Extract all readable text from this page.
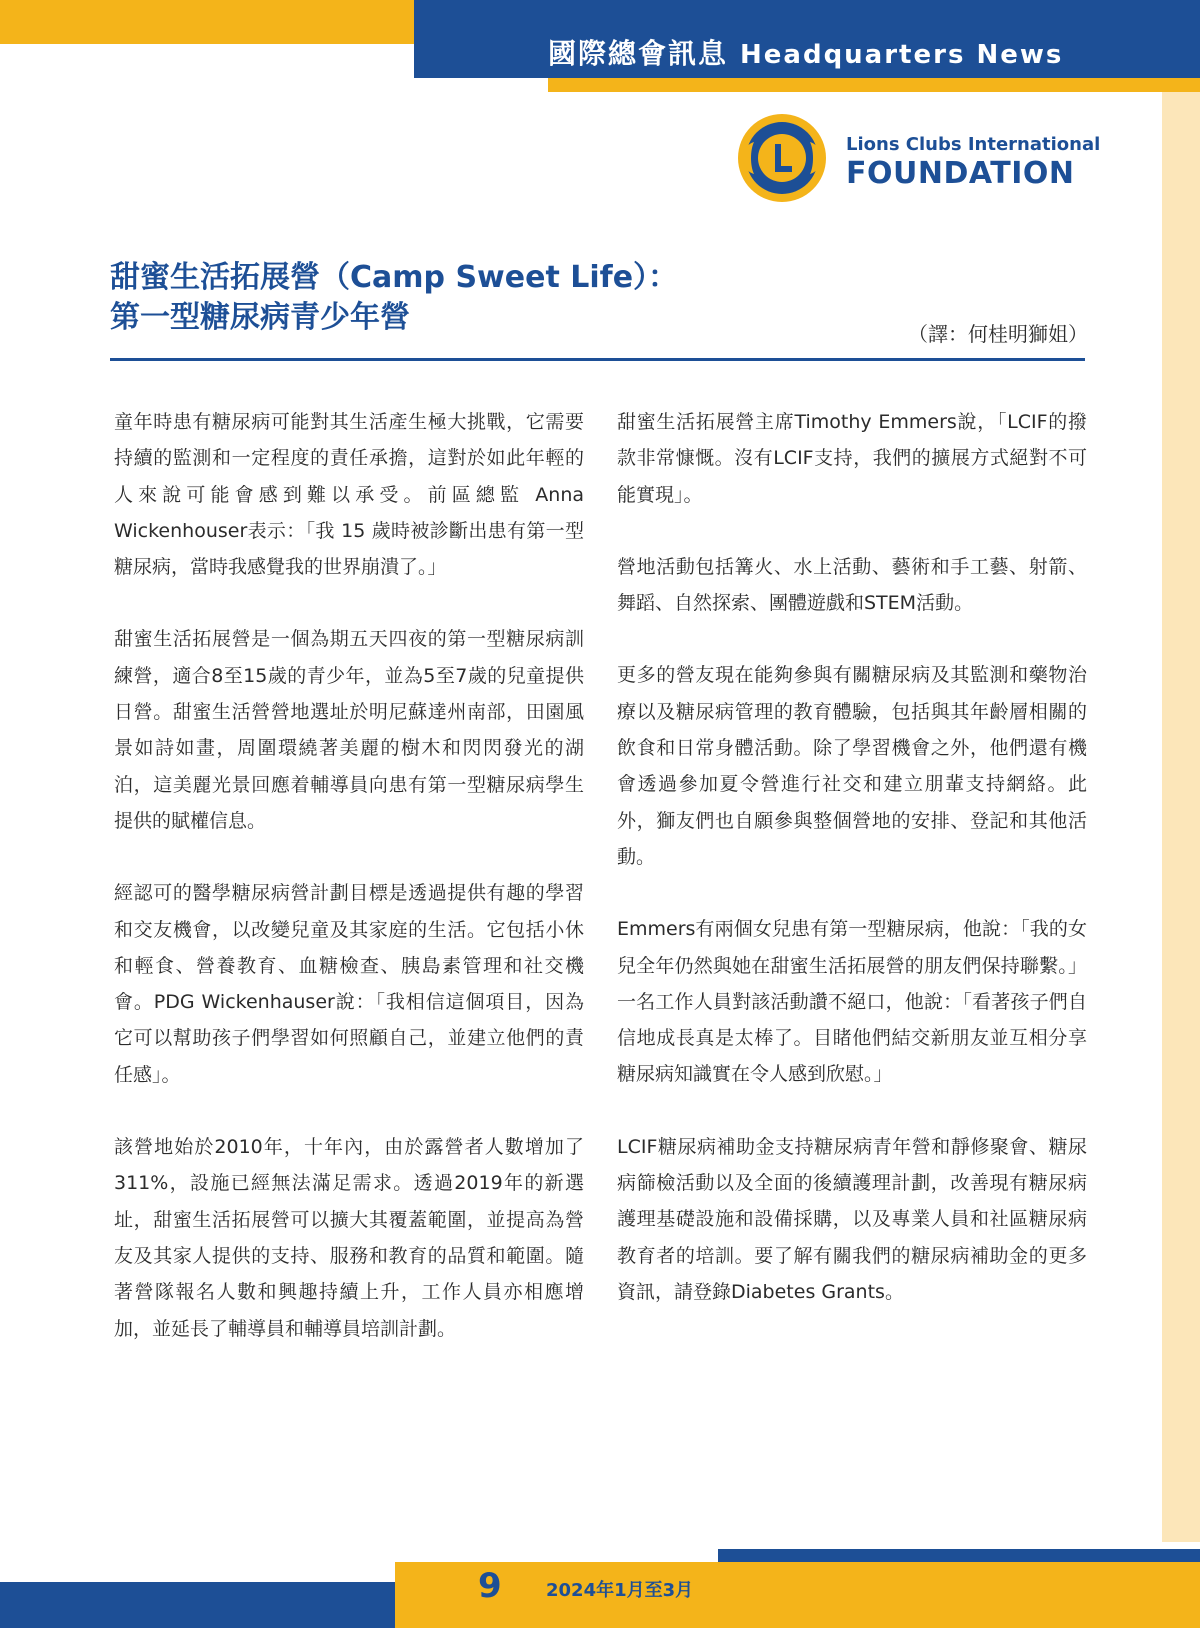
國際總會訊息 Headquarters News
Lions Clubs International
FOUNDATION
甜蜜生活拓展營（Camp Sweet Life）：
第一型糖尿病青少年營	（譯：何桂明獅姐）

童年時患有糖尿病可能對其生活產生極大挑戰，它需要持續的監測和一定程度的責任承擔，這對於如此年輕的人來說可能會感到難以承受。前區總監 Anna Wickenhouser表示：「我 15 歲時被診斷出患有第一型糖尿病，當時我感覺我的世界崩潰了。」

甜蜜生活拓展營是一個為期五天四夜的第一型糖尿病訓練營，適合8至15歲的青少年，並為5至7歲的兒童提供日營。甜蜜生活營營地選址於明尼蘇達州南部，田園風景如詩如畫，周圍環繞著美麗的樹木和閃閃發光的湖泊，這美麗光景回應着輔導員向患有第一型糖尿病學生提供的賦權信息。

經認可的醫學糖尿病營計劃目標是透過提供有趣的學習和交友機會，以改變兒童及其家庭的生活。它包括小休和輕食、營養教育、血糖檢查、胰島素管理和社交機會。PDG Wickenhauser說：「我相信這個項目，因為它可以幫助孩子們學習如何照顧自己，並建立他們的責任感」。

該營地始於2010年，十年內，由於露營者人數增加了311%，設施已經無法滿足需求。透過2019年的新選址，甜蜜生活拓展營可以擴大其覆蓋範圍，並提高為營友及其家人提供的支持、服務和教育的品質和範圍。隨著營隊報名人數和興趣持續上升，工作人員亦相應增加，並延長了輔導員和輔導員培訓計劃。

甜蜜生活拓展營主席Timothy Emmers說，「LCIF的撥款非常慷慨。沒有LCIF支持，我們的擴展方式絕對不可能實現」。

營地活動包括篝火、水上活動、藝術和手工藝、射箭、舞蹈、自然探索、團體遊戲和STEM活動。

更多的營友現在能夠參與有關糖尿病及其監測和藥物治療以及糖尿病管理的教育體驗，包括與其年齡層相關的飲食和日常身體活動。除了學習機會之外，他們還有機會透過參加夏令營進行社交和建立朋輩支持網絡。此外，獅友們也自願參與整個營地的安排、登記和其他活動。

Emmers有兩個女兒患有第一型糖尿病，他說：「我的女兒全年仍然與她在甜蜜生活拓展營的朋友們保持聯繫。」一名工作人員對該活動讚不絕口，他說：「看著孩子們自信地成長真是太棒了。目睹他們結交新朋友並互相分享糖尿病知識實在令人感到欣慰。」

LCIF糖尿病補助金支持糖尿病青年營和靜修聚會、糖尿病篩檢活動以及全面的後續護理計劃，改善現有糖尿病護理基礎設施和設備採購，以及專業人員和社區糖尿病教育者的培訓。要了解有關我們的糖尿病補助金的更多資訊，請登錄Diabetes Grants。

9 2024年1月至3月
